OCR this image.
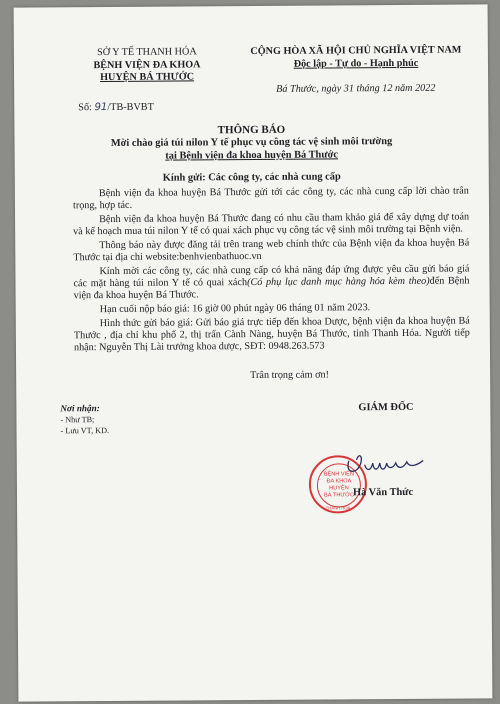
SỞ Y TẾ THANH HÓA
BỆNH VIỆN ĐA KHOA
HUYỆN BÁ THƯỚC
Số: 91/TB-BVBT
CỘNG HÒA XÃ HỘI CHỦ NGHĨA VIỆT NAM
Độc lập - Tự do - Hạnh phúc
Bá Thước, ngày 31 tháng 12 năm 2022
THÔNG BÁO
Mời chào giá túi nilon Y tế phục vụ công tác vệ sinh môi trường
tại Bệnh viện đa khoa huyện Bá Thước
Kính gửi: Các công ty, các nhà cung cấp

Bệnh viện đa khoa huyện Bá Thước gửi tới các công ty, các nhà cung cấp lời chào trân trọng, hợp tác.

Bệnh viện đa khoa huyện Bá Thước đang có nhu cầu tham khảo giá để xây dựng dự toán và kế hoạch mua túi nilon Y tế có quai xách phục vụ công tác vệ sinh môi trường tại Bệnh viện.

Thông báo này được đăng tải trên trang web chính thức của Bệnh viện đa khoa huyện Bá Thước tại địa chỉ website:benhvienbathuoc.vn

Kính mời các công ty, các nhà cung cấp có khả năng đáp ứng được yêu cầu gửi báo giá các mặt hàng túi nilon Y tế có quai xách(Có phụ lục danh mục hàng hóa kèm theo)đến Bệnh viện đa khoa huyện Bá Thước.

Hạn cuối nộp báo giá: 16 giờ 00 phút ngày 06 tháng 01 năm 2023.

Hình thức gửi báo giá: Gửi báo giá trực tiếp đến khoa Dược, bệnh viện đa khoa huyện Bá Thước , địa chỉ khu phố 2, thị trấn Cành Nàng, huyện Bá Thước, tỉnh Thanh Hóa. Người tiếp nhận: Nguyễn Thị Lài trưởng khoa dược, SĐT: 0948.263.573

Trân trọng cảm ơn!
Nơi nhận:
- Như TB;
- Lưu VT, KD.
GIÁM ĐỐC
BỆNH VIỆN
ĐA KHOA
HUYỆN
BÁ THƯỚC
THANH HÓA
Hà Văn Thức
